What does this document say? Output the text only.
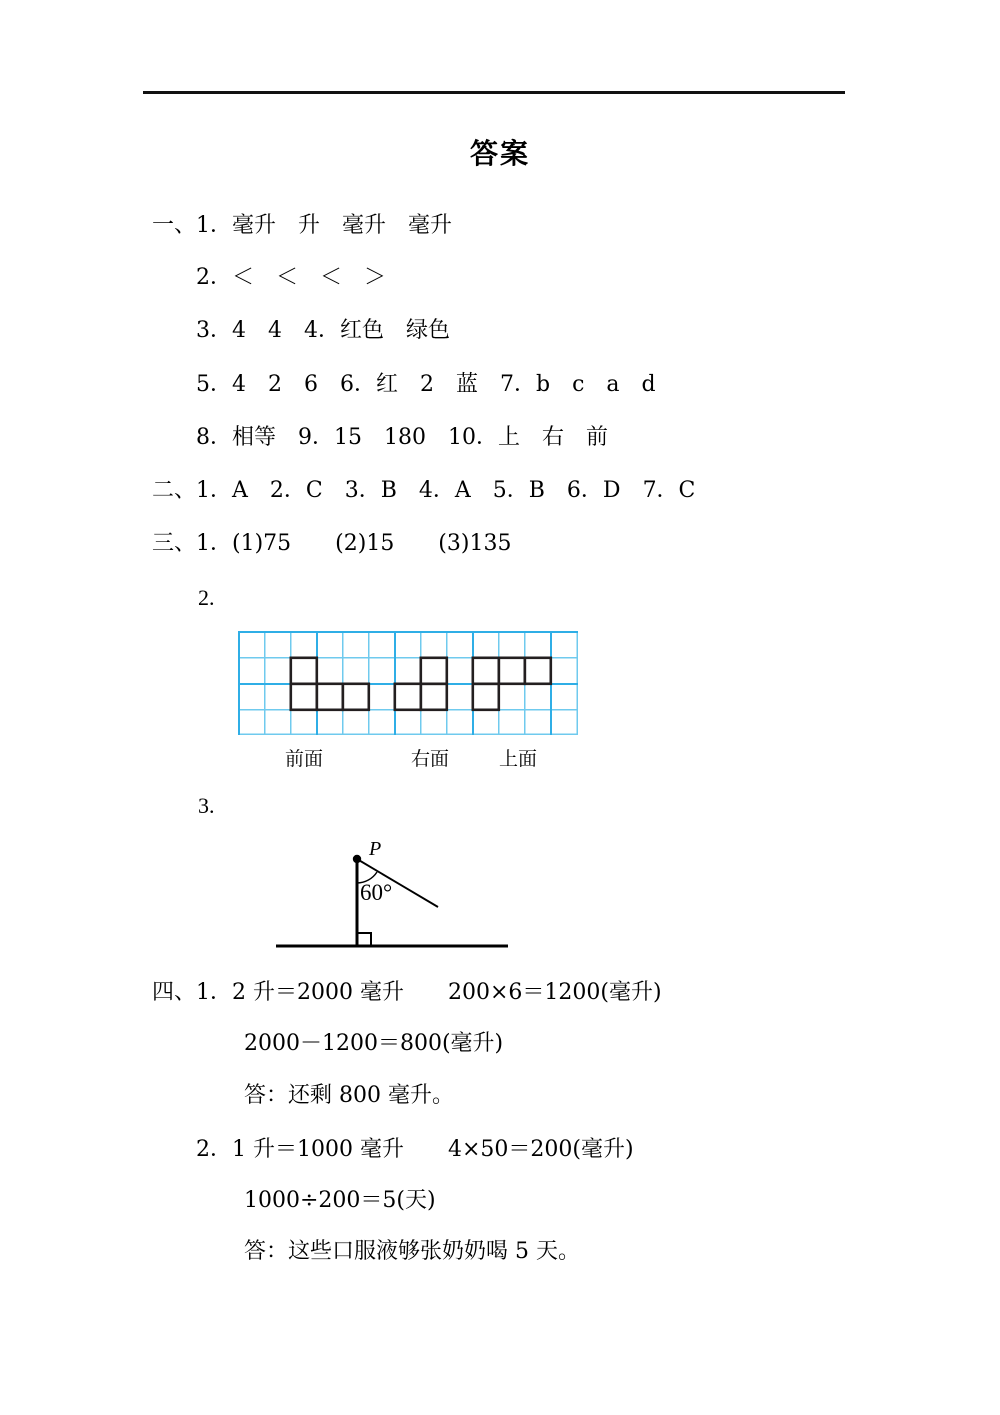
答案
一、1．毫升　升　毫升　毫升
2．＜　＜　＜　＞
3．4　4　4．红色　绿色
5．4　2　6　6．红　2　蓝　7．b　c　a　d
8．相等　9．15　180　10．上　右　前
二、1．A　2．C　3．B　4．A　5．B　6．D　7．C
三、1．(1)75　　(2)15　　(3)135
2.
前面	右面	上面
3.
P
60°
四、1．2 升＝2000 毫升　　200×6＝1200(毫升)
2000－1200＝800(毫升)
答：还剩 800 毫升。
2．1 升＝1000 毫升　　4×50＝200(毫升)
1000÷200＝5(天)
答：这些口服液够张奶奶喝 5 天。
